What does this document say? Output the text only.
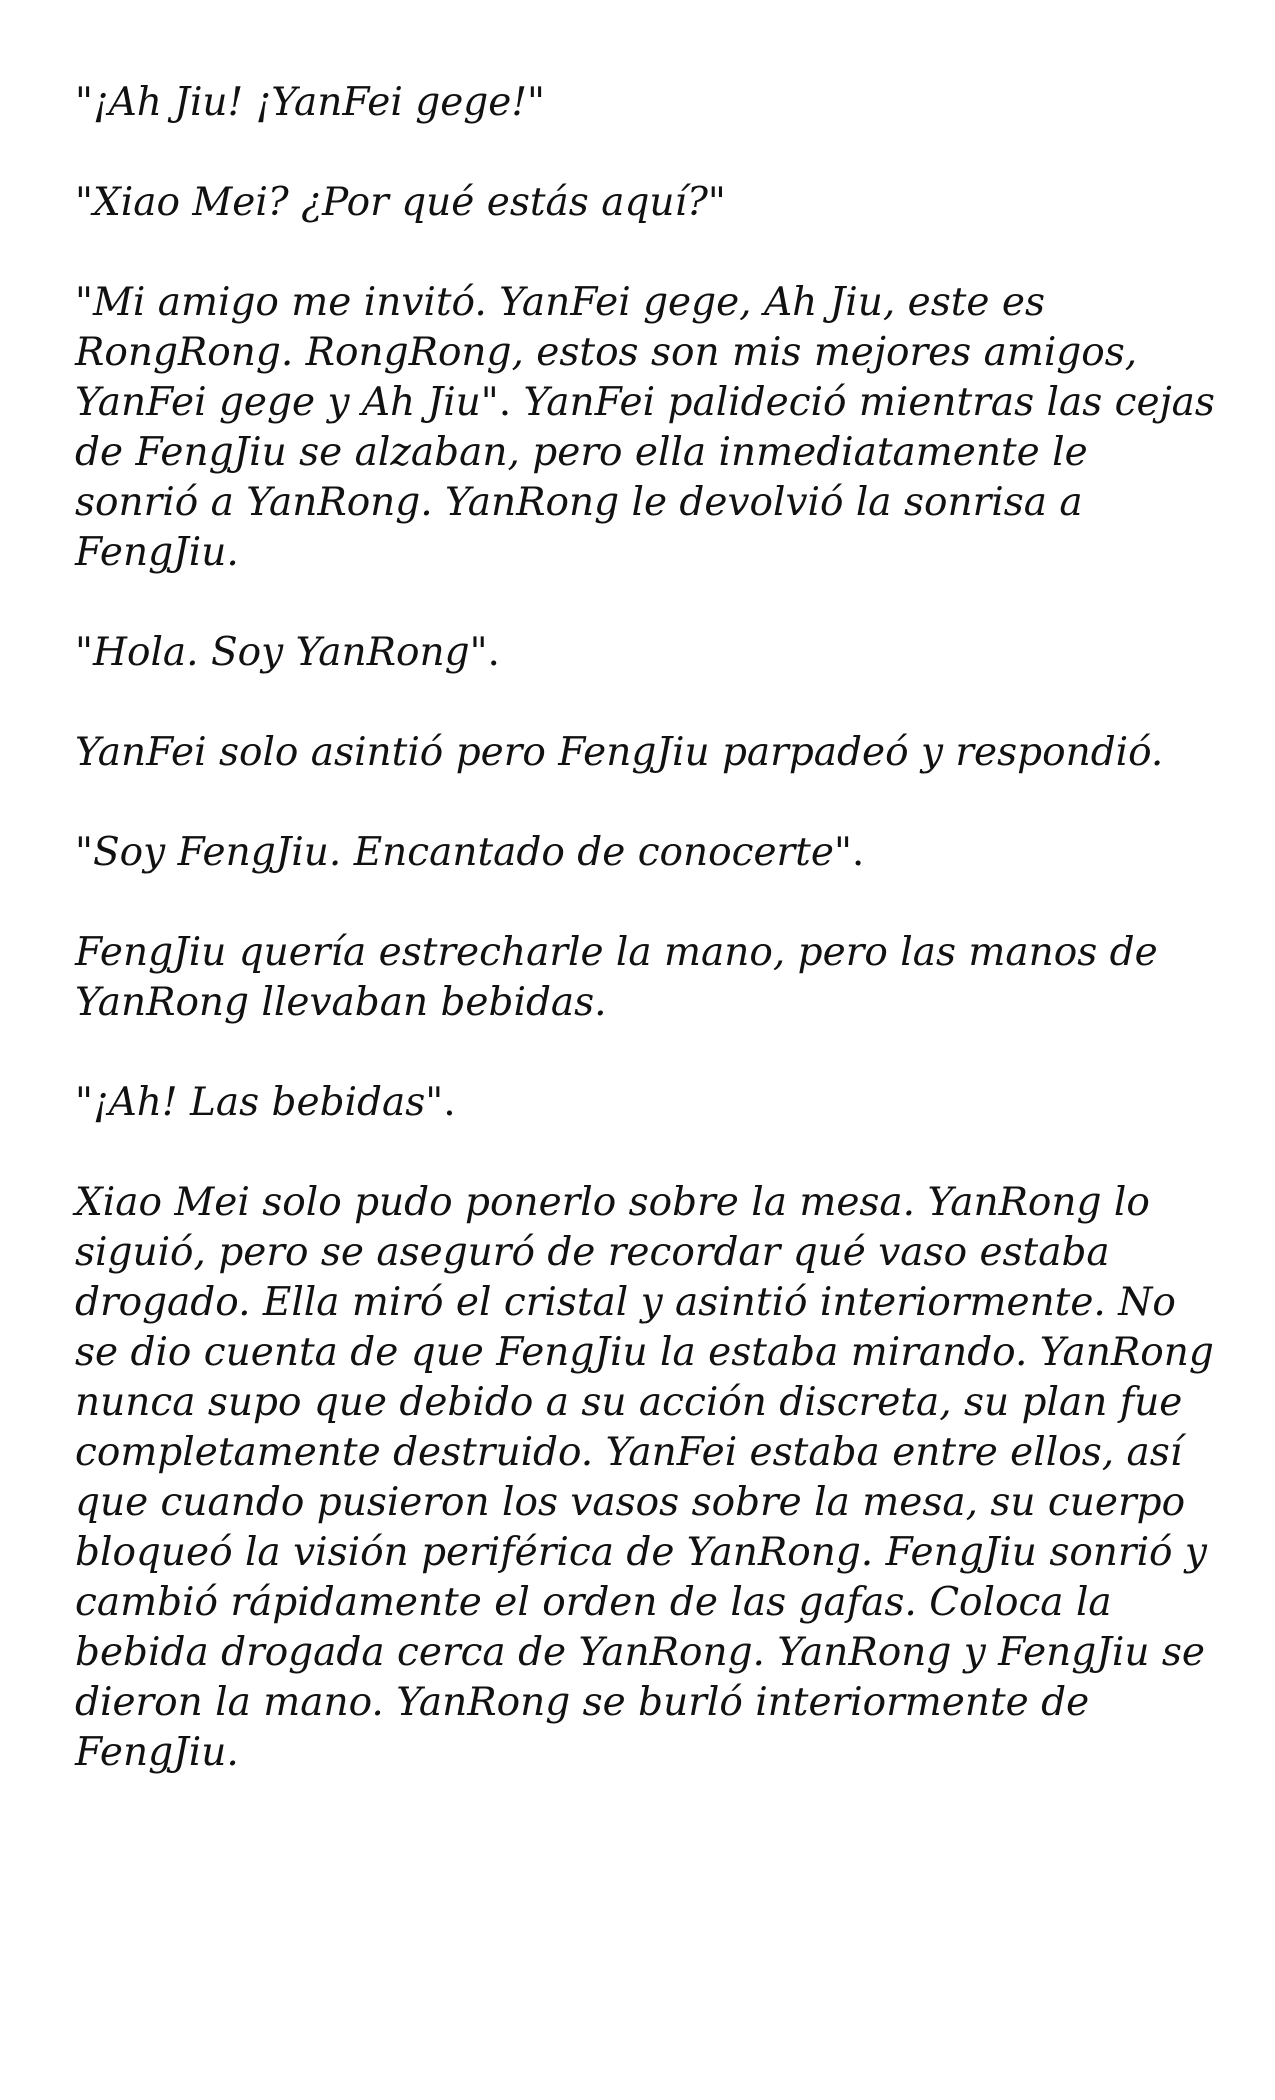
"¡Ah Jiu! ¡YanFei gege!"

"Xiao Mei? ¿Por qué estás aquí?"

"Mi amigo me invitó. YanFei gege, Ah Jiu, este es RongRong. RongRong, estos son mis mejores amigos, YanFei gege y Ah Jiu". YanFei palideció mientras las cejas de FengJiu se alzaban, pero ella inmediatamente le sonrió a YanRong. YanRong le devolvió la sonrisa a FengJiu.

"Hola. Soy YanRong".

YanFei solo asintió pero FengJiu parpadeó y respondió.

"Soy FengJiu. Encantado de conocerte".

FengJiu quería estrecharle la mano, pero las manos de YanRong llevaban bebidas.

"¡Ah! Las bebidas".

Xiao Mei solo pudo ponerlo sobre la mesa. YanRong lo siguió, pero se aseguró de recordar qué vaso estaba drogado. Ella miró el cristal y asintió interiormente. No se dio cuenta de que FengJiu la estaba mirando. YanRong nunca supo que debido a su acción discreta, su plan fue completamente destruido. YanFei estaba entre ellos, así que cuando pusieron los vasos sobre la mesa, su cuerpo bloqueó la visión periférica de YanRong. FengJiu sonrió y cambió rápidamente el orden de las gafas. Coloca la bebida drogada cerca de YanRong. YanRong y FengJiu se dieron la mano. YanRong se burló interiormente de FengJiu.
